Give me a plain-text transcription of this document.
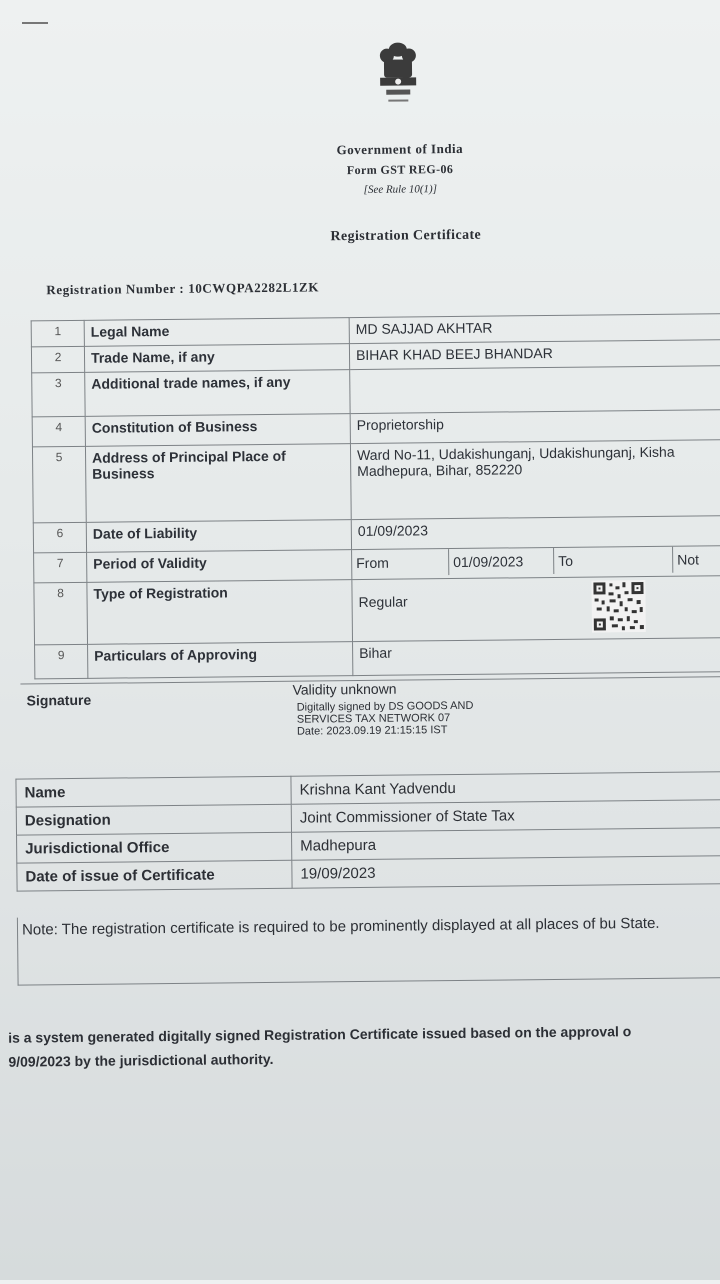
Government of India
Form GST REG-06
[See Rule 10(1)]
Registration Certificate
Registration Number : 10CWQPA2282L1ZK
1	Legal Name	MD SAJJAD AKHTAR
2	Trade Name, if any	BIHAR KHAD BEEJ BHANDAR
3	Additional trade names, if any	
4	Constitution of Business	Proprietorship
5	Address of Principal Place of Business	Ward No-11, Udakishunganj, Udakishunganj, Kisha Madhepura, Bihar, 852220
6	Date of Liability	01/09/2023
7	Period of Validity		From	01/09/2023	To	Not

8	Type of Registration	Regular
9	Particulars of Approving	Bihar
Signature
Validity unknown
Digitally signed by DS GOODS AND
SERVICES TAX NETWORK 07
Date: 2023.09.19 21:15:15 IST
Name	Krishna Kant Yadvendu
Designation	Joint Commissioner of State Tax
Jurisdictional Office	Madhepura
Date of issue of Certificate	19/09/2023
Note: The registration certificate is required to be prominently displayed at all places of bu State.
is a system generated digitally signed Registration Certificate issued based on the approval o
9/09/2023 by the jurisdictional authority.
